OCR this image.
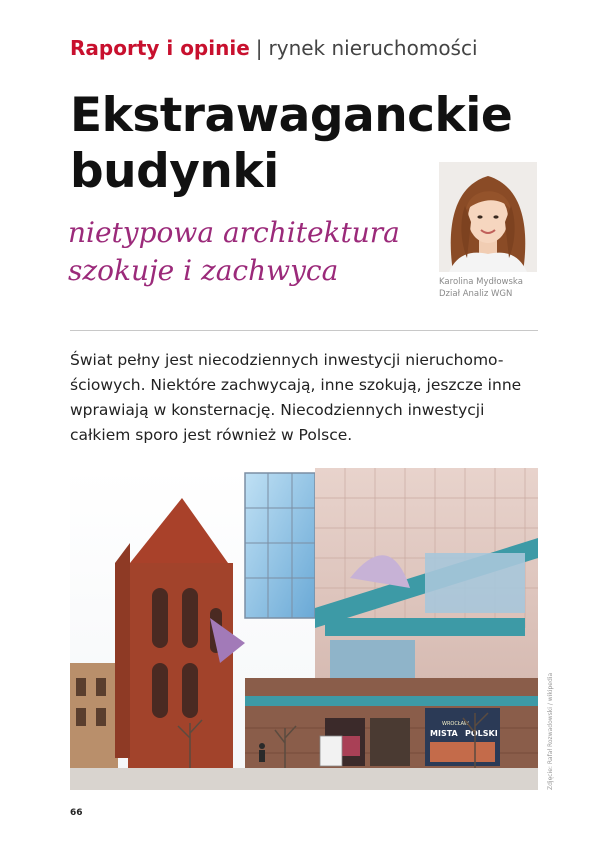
Raporty i opinie | rynek nieruchomości
Ekstrawaganckie
budynki
nietypowa architektura
szokuje i zachwyca	Karolina Mydłowska
Dział Analiz WGN
Świat pełny jest niecodziennych inwestycji nieruchomo-
ściowych. Niektóre zachwycają, inne szokują, jeszcze inne
wprawiają w konsternację. Niecodziennych inwestycji
całkiem sporo jest również w Polsce.
WROCŁAW
MISTA POLSKI	Zdjęcie: Rafał Rozwadowski / wikipedia
66
